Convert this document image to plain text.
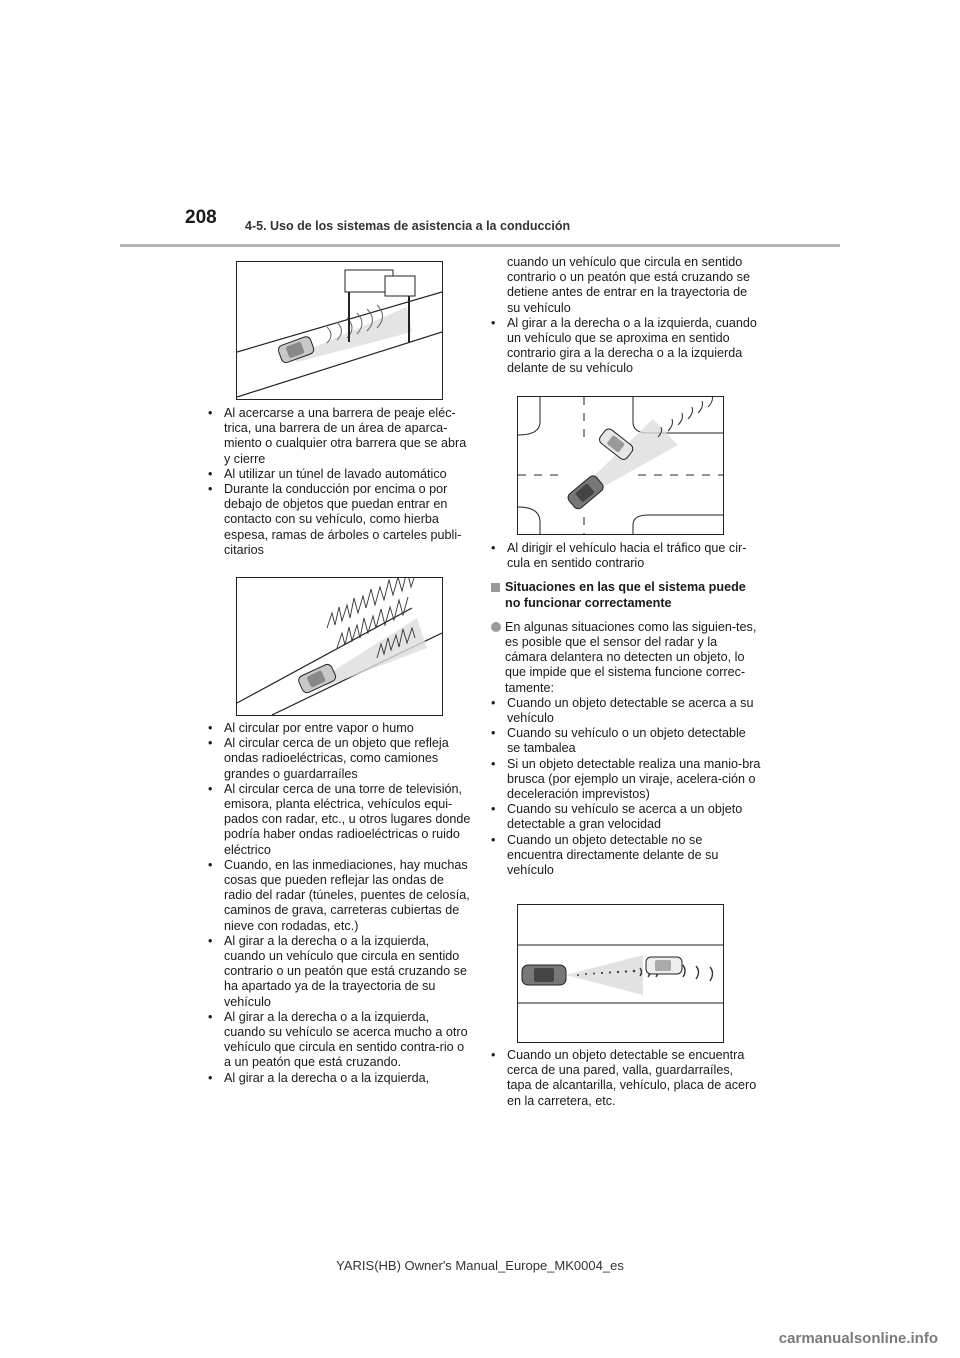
208 4-5. Uso de los sistemas de asistencia a la conducción
• Al acercarse a una barrera de peaje eléc-trica, una barrera de un área de aparca-miento o cualquier otra barrera que se abra y cierre
• Al utilizar un túnel de lavado automático
• Durante la conducción por encima o por debajo de objetos que puedan entrar en contacto con su vehículo, como hierba espesa, ramas de árboles o carteles publi-citarios
• Al circular por entre vapor o humo
• Al circular cerca de un objeto que refleja ondas radioeléctricas, como camiones grandes o guardarraíles
• Al circular cerca de una torre de televisión, emisora, planta eléctrica, vehículos equi-pados con radar, etc., u otros lugares donde podría haber ondas radioeléctricas o ruido eléctrico
• Cuando, en las inmediaciones, hay muchas cosas que pueden reflejar las ondas de radio del radar (túneles, puentes de celosía, caminos de grava, carreteras cubiertas de nieve con rodadas, etc.)
• Al girar a la derecha o a la izquierda, cuando un vehículo que circula en sentido contrario o un peatón que está cruzando se ha apartado ya de la trayectoria de su vehículo
• Al girar a la derecha o a la izquierda, cuando su vehículo se acerca mucho a otro vehículo que circula en sentido contra-rio o a un peatón que está cruzando.
• Al girar a la derecha o a la izquierda,
cuando un vehículo que circula en sentido contrario o un peatón que está cruzando se detiene antes de entrar en la trayectoria de su vehículo
• Al girar a la derecha o a la izquierda, cuando un vehículo que se aproxima en sentido contrario gira a la derecha o a la izquierda delante de su vehículo
• Al dirigir el vehículo hacia el tráfico que cir-cula en sentido contrario
Situaciones en las que el sistema puede no funcionar correctamente
En algunas situaciones como las siguien-tes, es posible que el sensor del radar y la cámara delantera no detecten un objeto, lo que impide que el sistema funcione correc-tamente:
• Cuando un objeto detectable se acerca a su vehículo
• Cuando su vehículo o un objeto detectable se tambalea
• Si un objeto detectable realiza una manio-bra brusca (por ejemplo un viraje, acelera-ción o deceleración imprevistos)
• Cuando su vehículo se acerca a un objeto detectable a gran velocidad
• Cuando un objeto detectable no se encuentra directamente delante de su vehículo
• Cuando un objeto detectable se encuentra cerca de una pared, valla, guardarraíles, tapa de alcantarilla, vehículo, placa de acero en la carretera, etc.
YARIS(HB) Owner's Manual_Europe_MK0004_es
carmanualsonline.info
